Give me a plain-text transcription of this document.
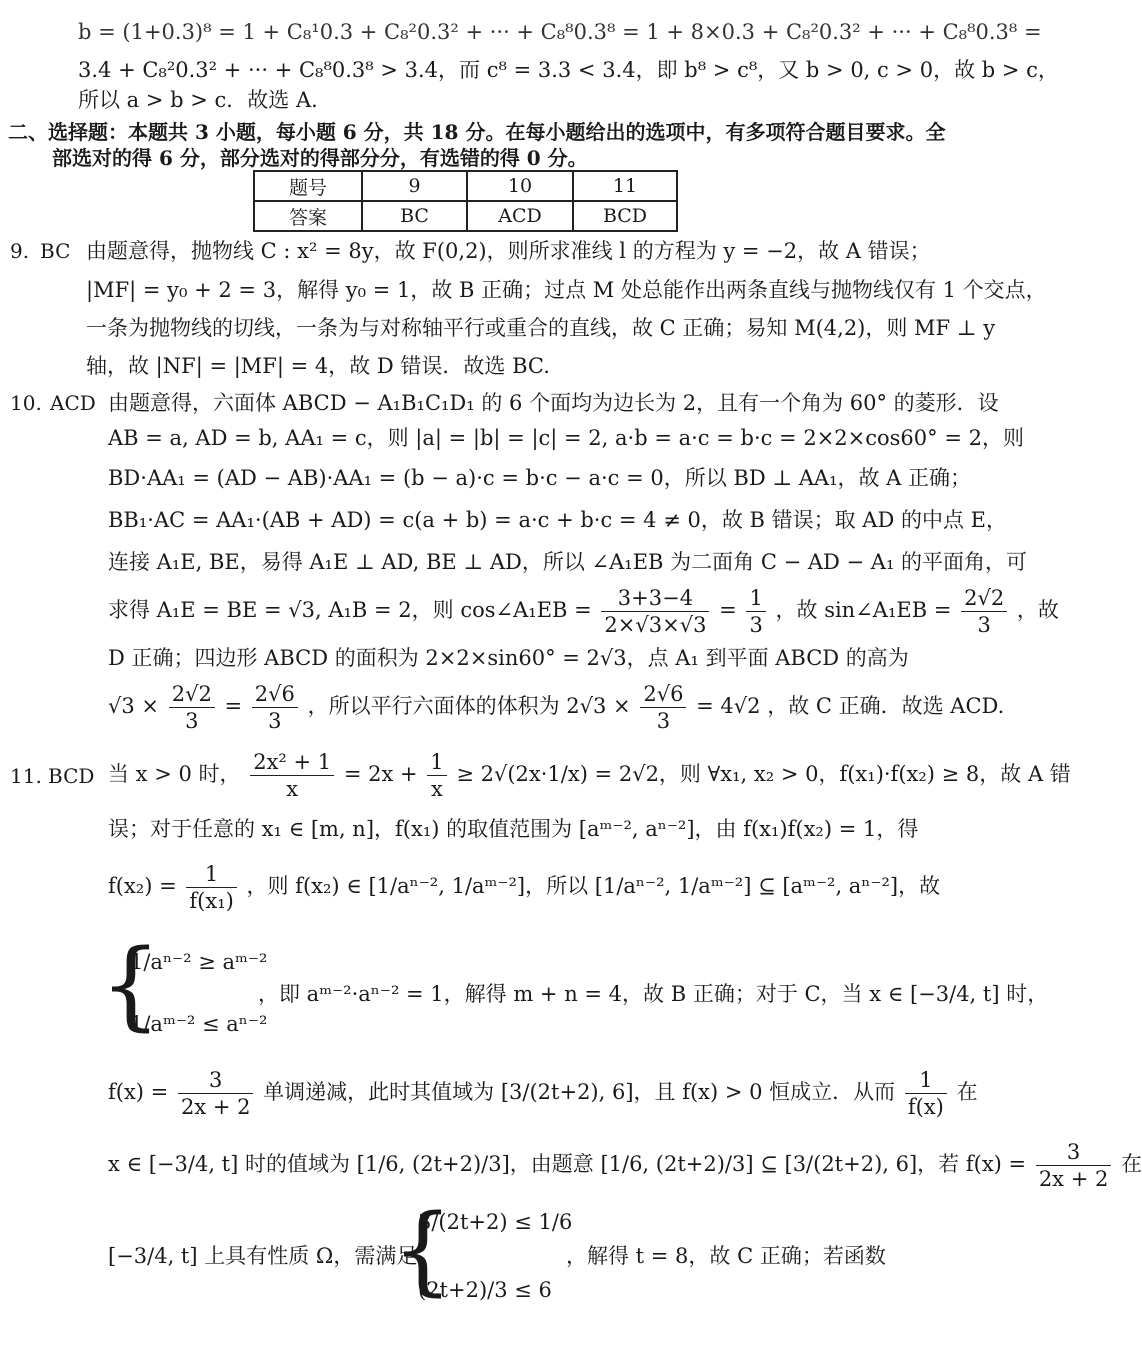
b = (1+0.3)⁸ = 1 + C₈¹0.3 + C₈²0.3² + ··· + C₈⁸0.3⁸ = 1 + 8×0.3 + C₈²0.3² + ··· + C₈⁸0.3⁸ =
3.4 + C₈²0.3² + ··· + C₈⁸0.3⁸ > 3.4，而 c⁸ = 3.3 < 3.4，即 b⁸ > c⁸，又 b > 0, c > 0，故 b > c，
所以 a > b > c．故选 A.
二、选择题：本题共 3 小题，每小题 6 分，共 18 分。在每小题给出的选项中，有多项符合题目要求。全
部选对的得 6 分，部分选对的得部分分，有选错的得 0 分。
题号	9	10	11
答案	BC	ACD	BCD
9. BC 由题意得，抛物线 C : x² = 8y，故 F(0,2)，则所求准线 l 的方程为 y = −2，故 A 错误；
|MF| = y₀ + 2 = 3，解得 y₀ = 1，故 B 正确；过点 M 处总能作出两条直线与抛物线仅有 1 个交点，
一条为抛物线的切线，一条为与对称轴平行或重合的直线，故 C 正确；易知 M(4,2)，则 MF ⊥ y
轴，故 |NF| = |MF| = 4，故 D 错误．故选 BC.
10. ACD 由题意得，六面体 ABCD − A₁B₁C₁D₁ 的 6 个面均为边长为 2，且有一个角为 60° 的菱形．设
AB = a, AD = b, AA₁ = c，则 |a| = |b| = |c| = 2, a·b = a·c = b·c = 2×2×cos60° = 2，则
BD·AA₁ = (AD − AB)·AA₁ = (b − a)·c = b·c − a·c = 0，所以 BD ⊥ AA₁，故 A 正确；
BB₁·AC = AA₁·(AB + AD) = c(a + b) = a·c + b·c = 4 ≠ 0，故 B 错误；取 AD 的中点 E，
连接 A₁E, BE，易得 A₁E ⊥ AD, BE ⊥ AD，所以 ∠A₁EB 为二面角 C − AD − A₁ 的平面角，可
求得 A₁E = BE = √3, A₁B = 2，则 cos∠A₁EB = $\frac{3+3-4}{2\times√3\times√3} = \frac{1}{3}$ ，故 sin∠A₁EB = $\frac{2√2}{3}$ ，故
D 正确；四边形 ABCD 的面积为 2×2×sin60° = 2√3，点 A₁ 到平面 ABCD 的高为
$√3 \times \frac{2√2}{3} = \frac{2√6}{3}$ ，所以平行六面体的体积为 $2√3 \times \frac{2√6}{3} = 4√2$ ，故 C 正确．故选 ACD.
11. BCD 当 x > 0 时， $\frac{\text{2x² + 1}}{x} = 2x + \frac{1}{x} \ge 2√(2x\cdot 1/x) = 2√2$，则 ∀x₁, x₂ > 0，f(x₁)·f(x₂) ≥ 8，故 A 错
误；对于任意的 x₁ ∈ [m, n]，f(x₁) 的取值范围为 [aᵐ⁻², aⁿ⁻²]，由 f(x₁)f(x₂) = 1，得
$f(x_2) = \frac{1}{\text{f(x₁)}}$ ，则 f(x₂) ∈ [1/aⁿ⁻², 1/aᵐ⁻²]，所以 [1/aⁿ⁻², 1/aᵐ⁻²] ⊆ [aᵐ⁻², aⁿ⁻²]，故
{
1/aⁿ⁻² ≥ aᵐ⁻²
1/aᵐ⁻² ≤ aⁿ⁻²
，即 aᵐ⁻²·aⁿ⁻² = 1，解得 m + n = 4，故 B 正确；对于 C，当 x ∈ [−3/4, t] 时，
$f(x) = \frac{3}{2x + 2}$ 单调递减，此时其值域为 [3/(2t+2), 6]，且 f(x) > 0 恒成立．从而 $\frac{1}{f(x)}$ 在
x ∈ [−3/4, t] 时的值域为 [1/6, (2t+2)/3]，由题意 [1/6, (2t+2)/3] ⊆ [3/(2t+2), 6]，若 $f(x) = \frac{3}{2x + 2}$ 在
[−3/4, t] 上具有性质 Ω，需满足
{
3/(2t+2) ≤ 1/6
(2t+2)/3 ≤ 6
，解得 t = 8，故 C 正确；若函数
